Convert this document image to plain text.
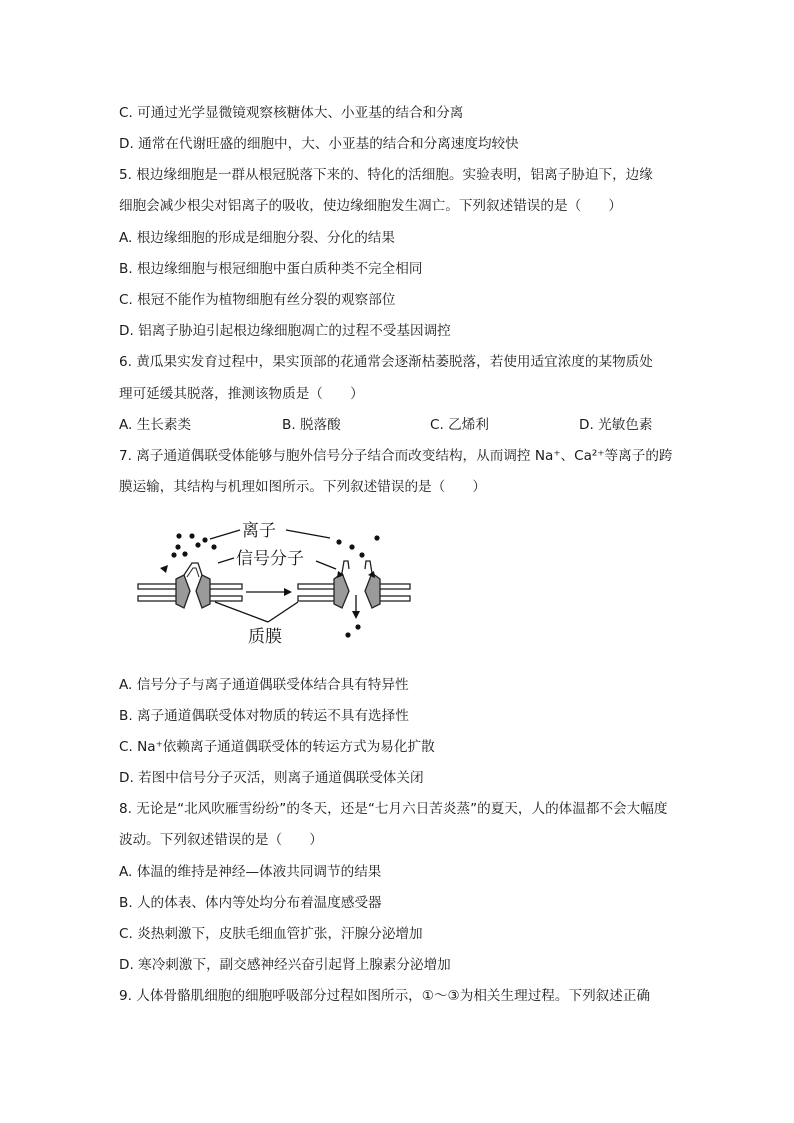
C. 可通过光学显微镜观察核糖体大、小亚基的结合和分离
D. 通常在代谢旺盛的细胞中，大、小亚基的结合和分离速度均较快
5. 根边缘细胞是一群从根冠脱落下来的、特化的活细胞。实验表明，铝离子胁迫下，边缘
细胞会减少根尖对铝离子的吸收，使边缘细胞发生凋亡。下列叙述错误的是（　　）
A. 根边缘细胞的形成是细胞分裂、分化的结果
B. 根边缘细胞与根冠细胞中蛋白质种类不完全相同
C. 根冠不能作为植物细胞有丝分裂的观察部位
D. 铝离子胁迫引起根边缘细胞凋亡的过程不受基因调控
6. 黄瓜果实发育过程中，果实顶部的花通常会逐渐枯萎脱落，若使用适宜浓度的某物质处
理可延缓其脱落，推测该物质是（　　）
A. 生长素类	B. 脱落酸	C. 乙烯利	D. 光敏色素
7. 离子通道偶联受体能够与胞外信号分子结合而改变结构，从而调控 Na⁺、Ca²⁺等离子的跨
膜运输，其结构与机理如图所示。下列叙述错误的是（　　）
离子
信号分子
质膜
A. 信号分子与离子通道偶联受体结合具有特异性
B. 离子通道偶联受体对物质的转运不具有选择性
C. Na⁺依赖离子通道偶联受体的转运方式为易化扩散
D. 若图中信号分子灭活，则离子通道偶联受体关闭
8. 无论是“北风吹雁雪纷纷”的冬天，还是“七月六日苦炎蒸”的夏天，人的体温都不会大幅度
波动。下列叙述错误的是（　　）
A. 体温的维持是神经—体液共同调节的结果
B. 人的体表、体内等处均分布着温度感受器
C. 炎热刺激下，皮肤毛细血管扩张，汗腺分泌增加
D. 寒冷刺激下，副交感神经兴奋引起肾上腺素分泌增加
9. 人体骨骼肌细胞的细胞呼吸部分过程如图所示，①～③为相关生理过程。下列叙述正确
